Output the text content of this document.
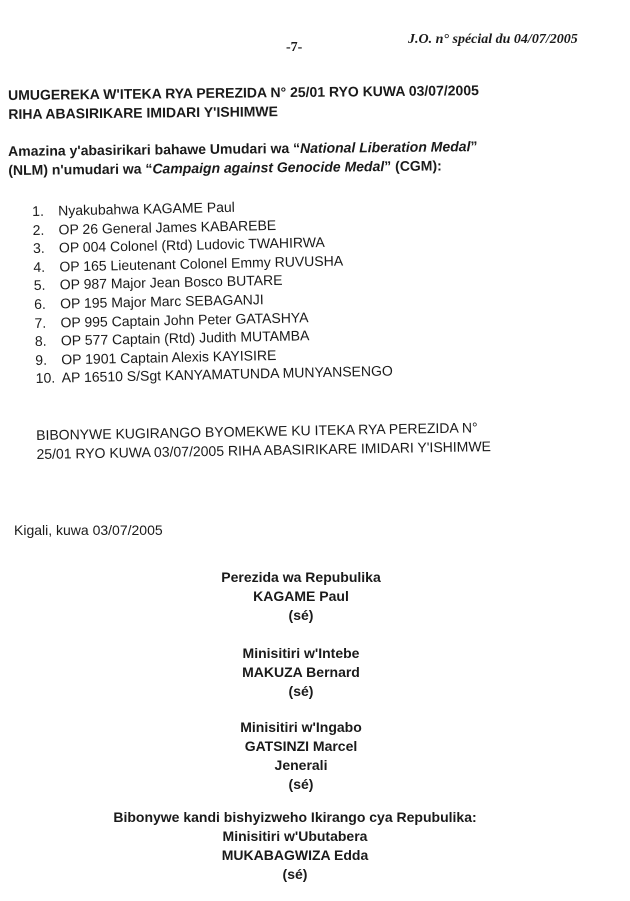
-7-
J.O. n° spécial du 04/07/2005
UMUGEREKA W'ITEKA RYA PEREZIDA N° 25/01 RYO KUWA 03/07/2005
RIHA ABASIRIKARE IMIDARI Y'ISHIMWE
Amazina y'abasirikari bahawe Umudari wa “National Liberation Medal”
(NLM) n'umudari wa “Campaign against Genocide Medal” (CGM):
1. Nyakubahwa KAGAME Paul
2. OP 26 General James KABAREBE
3. OP 004 Colonel (Rtd) Ludovic TWAHIRWA
4. OP 165 Lieutenant Colonel Emmy RUVUSHA
5. OP 987 Major Jean Bosco BUTARE
6. OP 195 Major Marc SEBAGANJI
7. OP 995 Captain John Peter GATASHYA
8. OP 577 Captain (Rtd) Judith MUTAMBA
9. OP 1901 Captain Alexis KAYISIRE
10. AP 16510 S/Sgt KANYAMATUNDA MUNYANSENGO
BIBONYWE KUGIRANGO BYOMEKWE KU ITEKA RYA PEREZIDA N°
25/01 RYO KUWA 03/07/2005 RIHA ABASIRIKARE IMIDARI Y'ISHIMWE
Kigali, kuwa 03/07/2005
Perezida wa Repubulika
KAGAME Paul
(sé)
Minisitiri w'Intebe
MAKUZA Bernard
(sé)
Minisitiri w'Ingabo
GATSINZI Marcel
Jenerali
(sé)
Bibonywe kandi bishyizweho Ikirango cya Repubulika:
Minisitiri w'Ubutabera
MUKABAGWIZA Edda
(sé)
